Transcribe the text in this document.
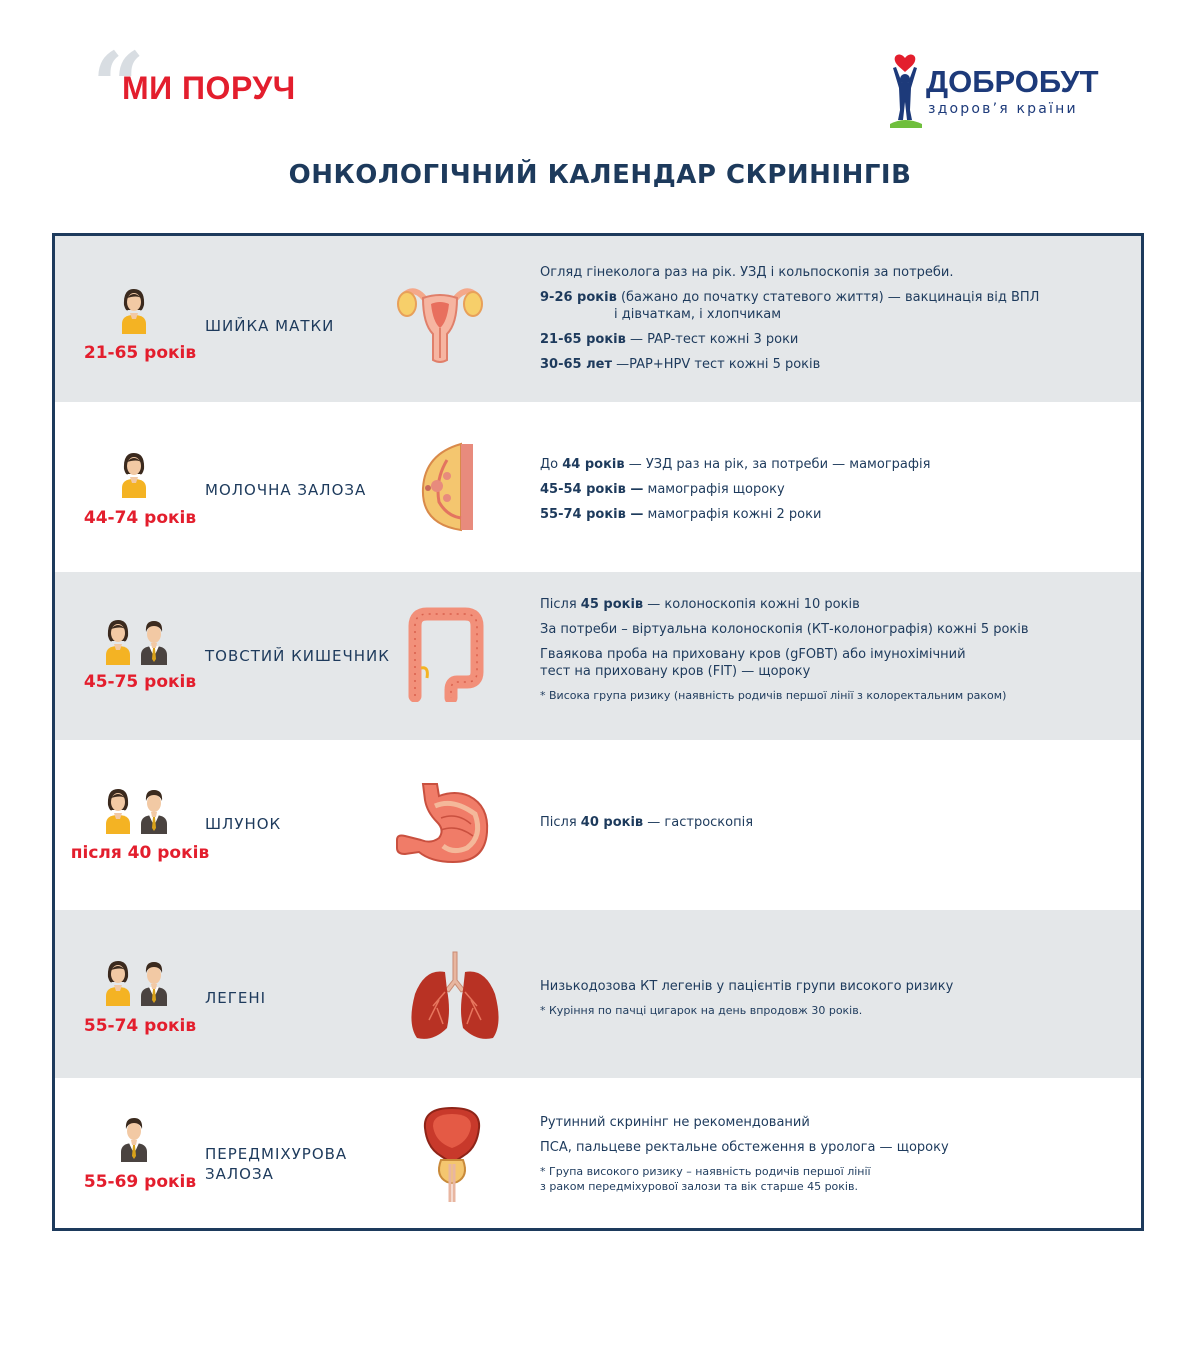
“
МИ ПОРУЧ	ДОБРОБУТ
здоров’я країни
ОНКОЛОГІЧНИЙ КАЛЕНДАР СКРИНІНГІВ
21-65 років
ШИЙКА МАТКИ
Огляд гінеколога раз на рік. УЗД і кольпоскопія за потреби.
9-26 років (бажано до початку статевого життя) — вакцинація від ВПЛ
і дівчаткам, і хлопчикам
21-65 років — PAP-тест кожні 3 роки
30-65 лет —PAP+HPV тест кожні 5 років
44-74 років
МОЛОЧНА ЗАЛОЗА
До 44 років — УЗД раз на рік, за потреби — мамографія
45-54 років — мамографія щороку
55-74 років — мамографія кожні 2 роки
45-75 років
ТОВСТИЙ КИШЕЧНИК
Після 45 років — колоноскопія кожні 10 років
За потреби – віртуальна колоноскопія (КТ-колонографія) кожні 5 років
Гваякова проба на приховану кров (gFOBT) або імунохімічний
тест на приховану кров (FIT) — щороку
* Висока група ризику (наявність родичів першої лінії з колоректальним раком)
після 40 років
ШЛУНОК	Після 40 років — гастроскопія
55-74 років
ЛЕГЕНІ
Низькодозова КТ легенів у пацієнтів групи високого ризику
* Куріння по пачці цигарок на день впродовж 30 років.
55-69 років
ПЕРЕДМІХУРОВА
ЗАЛОЗА
Рутинний скринінг не рекомендований
ПСА, пальцеве ректальне обстеження в уролога — щороку
* Група високого ризику – наявність родичів першої лінії
з раком передміхурової залози та вік старше 45 років.
